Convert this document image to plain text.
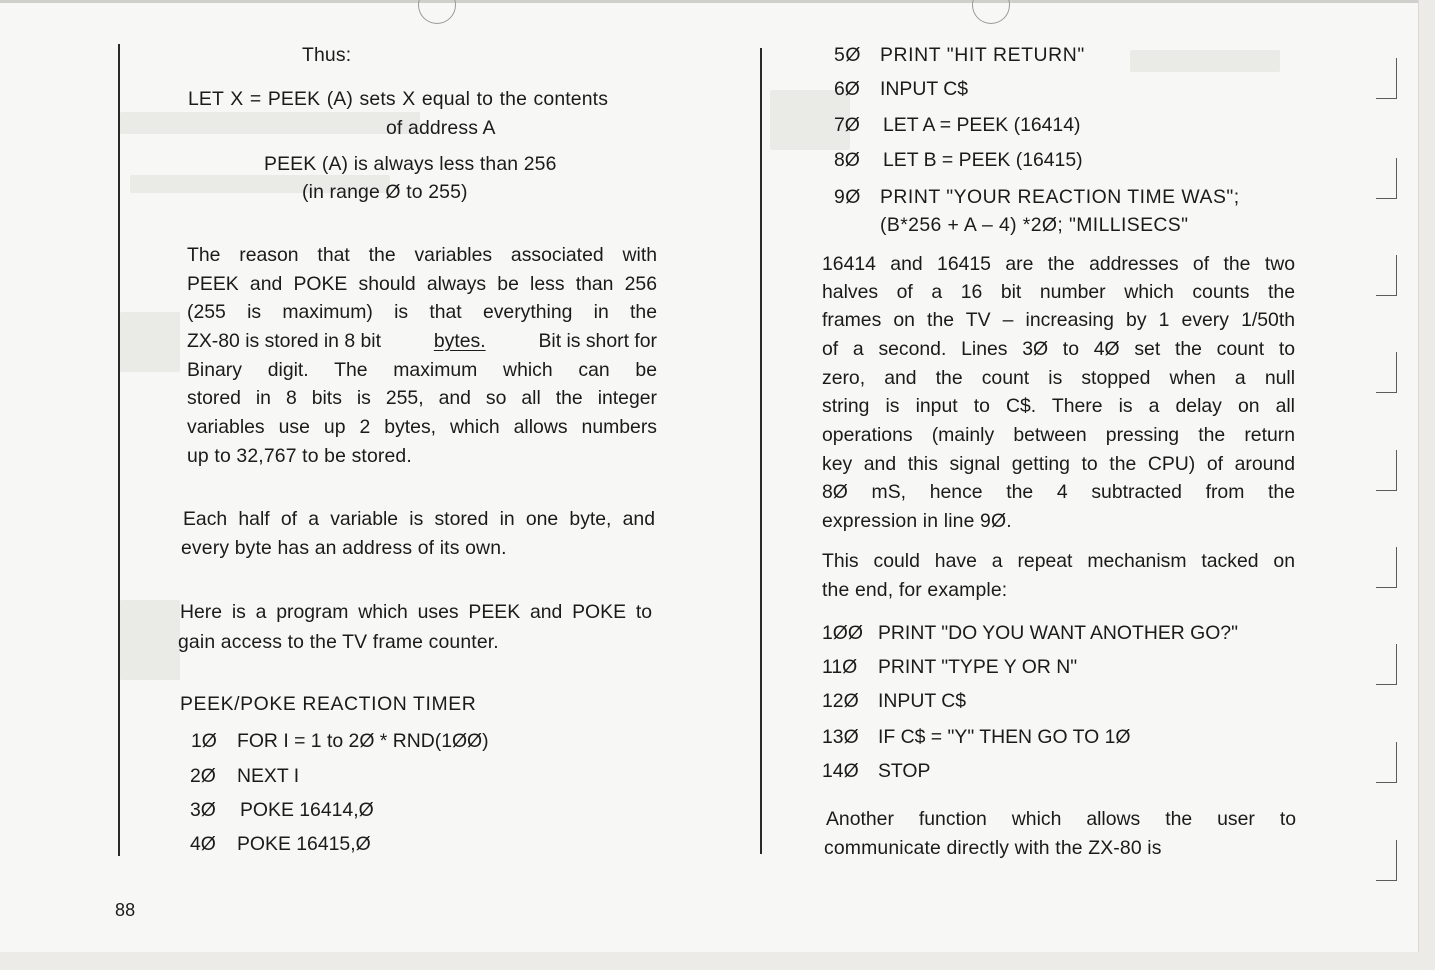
Thus:
LET X = PEEK (A) sets X equal to the contents
of address A
PEEK (A) is always less than 256
(in range Ø to 255)
The reason that the variables associated with
PEEK and POKE should always be less than 256
(255 is maximum) is that everything in the
ZX-80 is stored in 8 bit	bytes.	Bit is short for
Binary digit. The maximum which can be
stored in 8 bits is 255, and so all the integer
variables use up 2 bytes, which allows numbers
up to 32,767 to be stored.
Each half of a variable is stored in one byte, and
every byte has an address of its own.
Here is a program which uses PEEK and POKE to
gain access to the TV frame counter.
PEEK/POKE REACTION TIMER
1Ø FOR I = 1 to 2Ø * RND(1ØØ)
2Ø NEXT I
3Ø POKE 16414,Ø
4Ø POKE 16415,Ø
88
5Ø PRINT "HIT RETURN"
6Ø INPUT C$
7Ø LET A = PEEK (16414)
8Ø LET B = PEEK (16415)
9Ø PRINT "YOUR REACTION TIME WAS";
(B*256 + A – 4) *2Ø; "MILLISECS"
16414 and 16415 are the addresses of the two
halves of a 16 bit number which counts the
frames on the TV – increasing by 1 every 1/50th
of a second. Lines 3Ø to 4Ø set the count to
zero, and the count is stopped when a null
string is input to C$. There is a delay on all
operations (mainly between pressing the return
key and this signal getting to the CPU) of around
8Ø mS, hence the 4 subtracted from the
expression in line 9Ø.
This could have a repeat mechanism tacked on
the end, for example:
1ØØ PRINT "DO YOU WANT ANOTHER GO?"
11Ø PRINT "TYPE Y OR N"
12Ø INPUT C$
13Ø IF C$ = "Y" THEN GO TO 1Ø
14Ø STOP
Another function which allows the user to
communicate directly with the ZX-80 is
